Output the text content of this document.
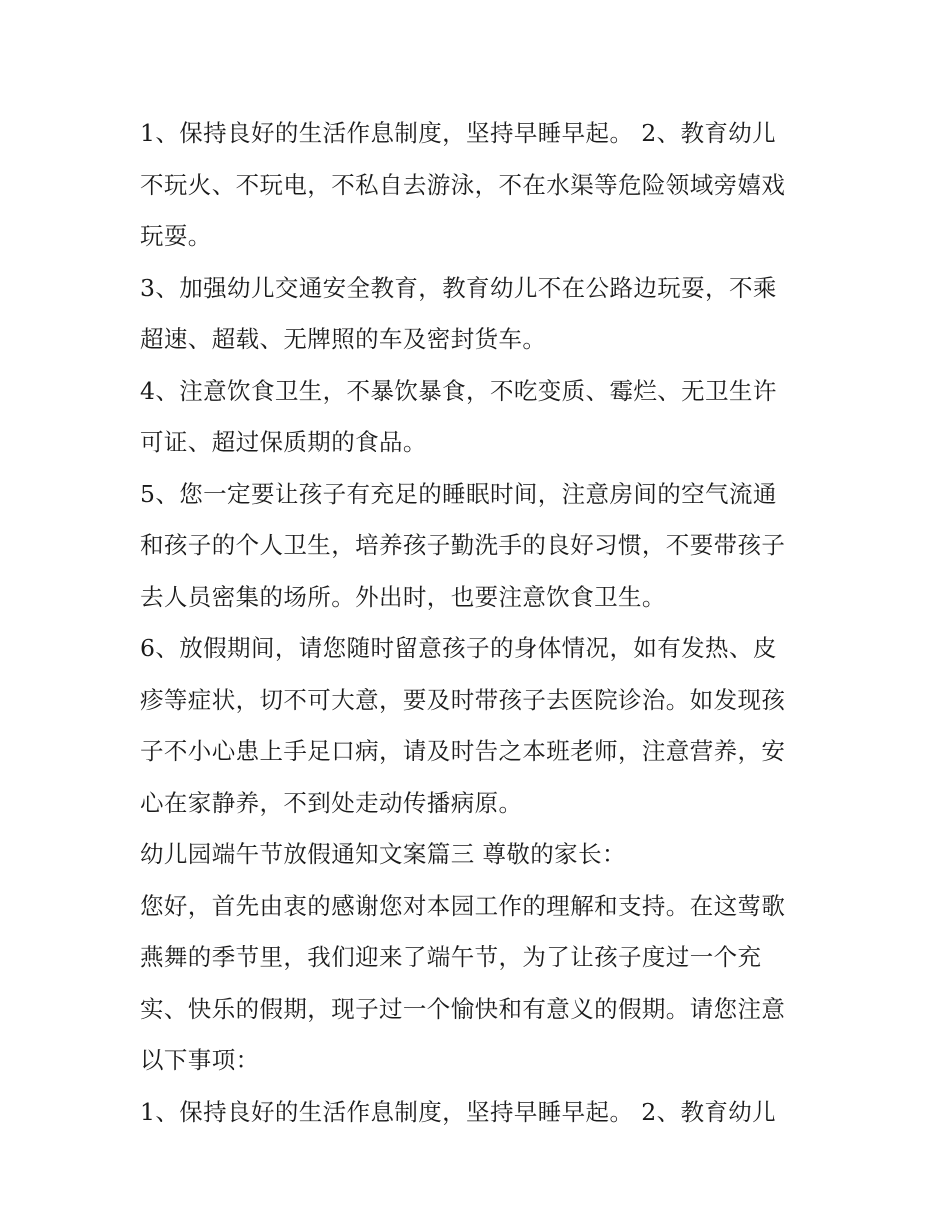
1、保持良好的生活作息制度，坚持早睡早起。 2、教育幼儿
不玩火、不玩电，不私自去游泳，不在水渠等危险领域旁嬉戏
玩耍。
3、加强幼儿交通安全教育，教育幼儿不在公路边玩耍，不乘
超速、超载、无牌照的车及密封货车。
4、注意饮食卫生，不暴饮暴食，不吃变质、霉烂、无卫生许
可证、超过保质期的食品。
5、您一定要让孩子有充足的睡眠时间，注意房间的空气流通
和孩子的个人卫生，培养孩子勤洗手的良好习惯，不要带孩子
去人员密集的场所。外出时，也要注意饮食卫生。
6、放假期间，请您随时留意孩子的身体情况，如有发热、皮
疹等症状，切不可大意，要及时带孩子去医院诊治。如发现孩
子不小心患上手足口病，请及时告之本班老师，注意营养，安
心在家静养，不到处走动传播病原。
幼儿园端午节放假通知文案篇三 尊敬的家长：
您好，首先由衷的感谢您对本园工作的理解和支持。在这莺歌
燕舞的季节里，我们迎来了端午节，为了让孩子度过一个充
实、快乐的假期，现子过一个愉快和有意义的假期。请您注意
以下事项：
1、保持良好的生活作息制度，坚持早睡早起。 2、教育幼儿
